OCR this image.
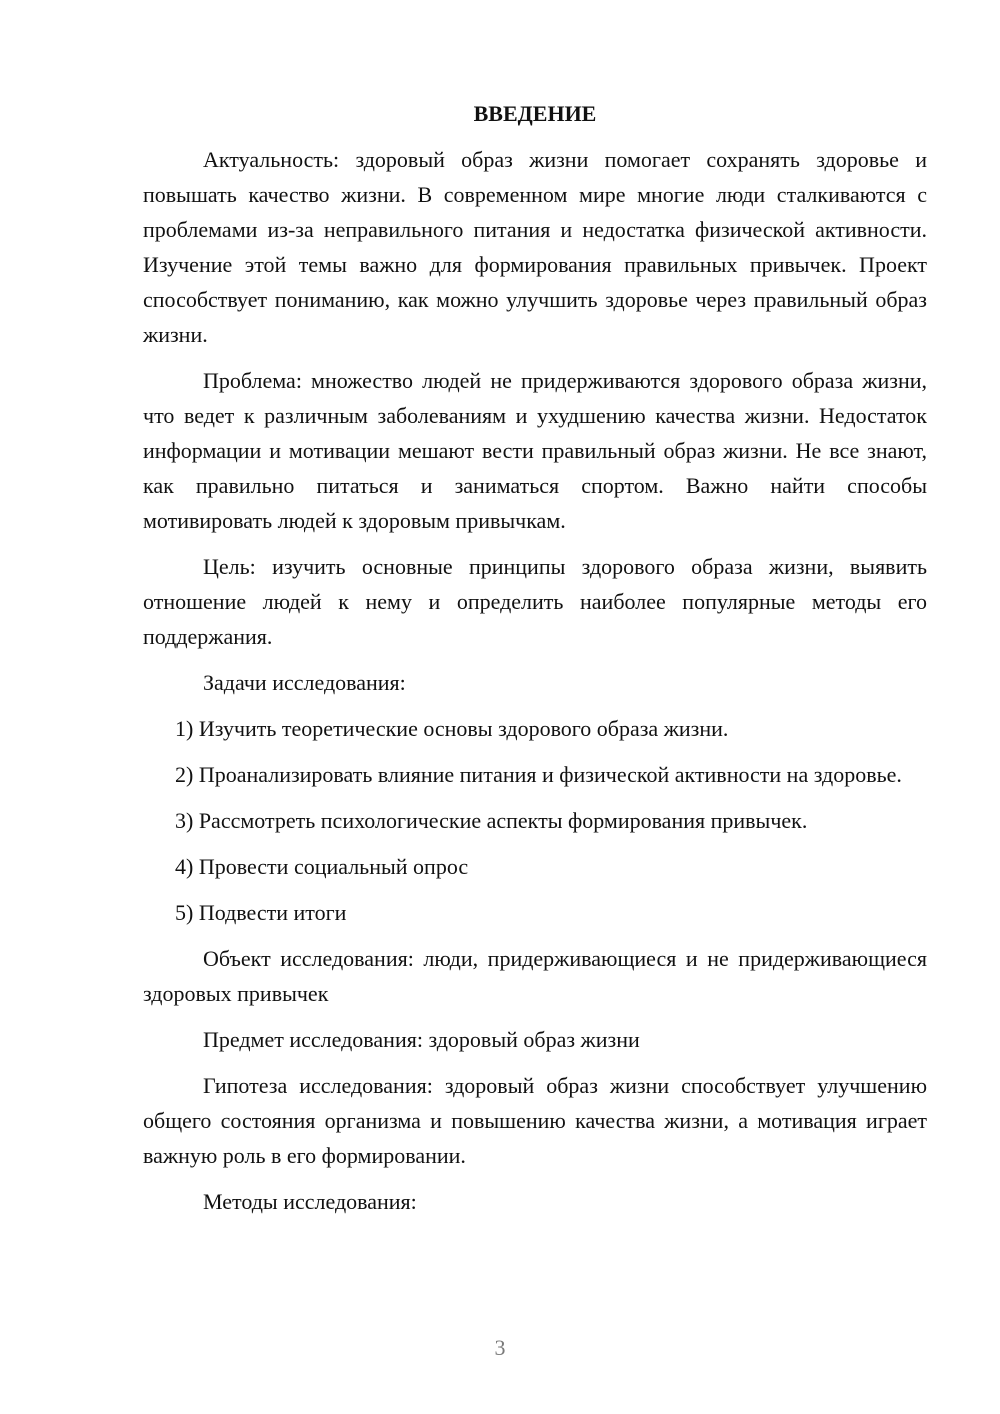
ВВЕДЕНИЕ

Актуальность: здоровый образ жизни помогает сохранять здоровье и повышать качество жизни. В современном мире многие люди сталкиваются с проблемами из-за неправильного питания и недостатка физической активности. Изучение этой темы важно для формирования правильных привычек. Проект способствует пониманию, как можно улучшить здоровье через правильный образ жизни.

Проблема: множество людей не придерживаются здорового образа жизни, что ведет к различным заболеваниям и ухудшению качества жизни. Недостаток информации и мотивации мешают вести правильный образ жизни. Не все знают, как правильно питаться и заниматься спортом. Важно найти способы мотивировать людей к здоровым привычкам.

Цель: изучить основные принципы здорового образа жизни, выявить отношение людей к нему и определить наиболее популярные методы его поддержания.

Задачи исследования:

1) Изучить теоретические основы здорового образа жизни.

2) Проанализировать влияние питания и физической активности на здоровье.

3) Рассмотреть психологические аспекты формирования привычек.

4) Провести социальный опрос

5) Подвести итоги

Объект исследования: люди, придерживающиеся и не придерживающиеся здоровых привычек

Предмет исследования: здоровый образ жизни

Гипотеза исследования: здоровый образ жизни способствует улучшению общего состояния организма и повышению качества жизни, а мотивация играет важную роль в его формировании.

Методы исследования:

3
